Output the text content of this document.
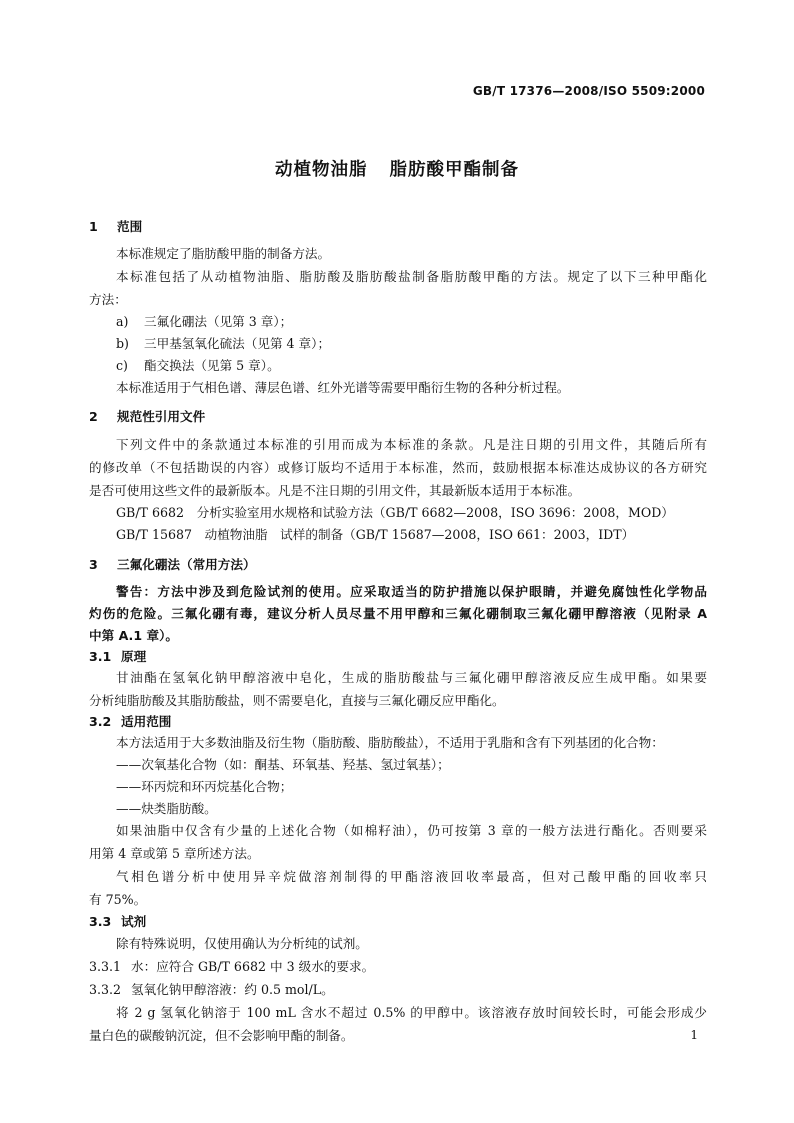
GB/T 17376—2008/ISO 5509:2000
动植物油脂 脂肪酸甲酯制备
1 范围
本标准规定了脂肪酸甲脂的制备方法。
本标准包括了从动植物油脂、脂肪酸及脂肪酸盐制备脂肪酸甲酯的方法。规定了以下三种甲酯化
方法：
a) 三氟化硼法（见第 3 章）；
b) 三甲基氢氧化硫法（见第 4 章）；
c) 酯交换法（见第 5 章）。
本标准适用于气相色谱、薄层色谱、红外光谱等需要甲酯衍生物的各种分析过程。
2 规范性引用文件
下列文件中的条款通过本标准的引用而成为本标准的条款。凡是注日期的引用文件，其随后所有
的修改单（不包括勘误的内容）或修订版均不适用于本标准，然而，鼓励根据本标准达成协议的各方研究
是否可使用这些文件的最新版本。凡是不注日期的引用文件，其最新版本适用于本标准。
GB/T 6682　分析实验室用水规格和试验方法（GB/T 6682—2008，ISO 3696：2008，MOD）
GB/T 15687　动植物油脂　试样的制备（GB/T 15687—2008，ISO 661：2003，IDT）
3 三氟化硼法（常用方法）
警告：方法中涉及到危险试剂的使用。应采取适当的防护措施以保护眼睛，并避免腐蚀性化学物品
灼伤的危险。三氟化硼有毒，建议分析人员尽量不用甲醇和三氟化硼制取三氟化硼甲醇溶液（见附录 A
中第 A.1 章）。
3.1 原理
甘油酯在氢氧化钠甲醇溶液中皂化，生成的脂肪酸盐与三氟化硼甲醇溶液反应生成甲酯。如果要
分析纯脂肪酸及其脂肪酸盐，则不需要皂化，直接与三氟化硼反应甲酯化。
3.2 适用范围
本方法适用于大多数油脂及衍生物（脂肪酸、脂肪酸盐），不适用于乳脂和含有下列基团的化合物：
——次氧基化合物（如：酮基、环氧基、羟基、氢过氧基）；
——环丙烷和环丙烷基化合物；
——炔类脂肪酸。
如果油脂中仅含有少量的上述化合物（如棉籽油），仍可按第 3 章的一般方法进行酯化。否则要采
用第 4 章或第 5 章所述方法。
气相色谱分析中使用异辛烷做溶剂制得的甲酯溶液回收率最高，但对己酸甲酯的回收率只
有 75%。
3.3 试剂
除有特殊说明，仅使用确认为分析纯的试剂。
3.3.1 水：应符合 GB/T 6682 中 3 级水的要求。
3.3.2 氢氧化钠甲醇溶液：约 0.5 mol/L。
将 2 g 氢氧化钠溶于 100 mL 含水不超过 0.5% 的甲醇中。该溶液存放时间较长时，可能会形成少
量白色的碳酸钠沉淀，但不会影响甲酯的制备。	1
